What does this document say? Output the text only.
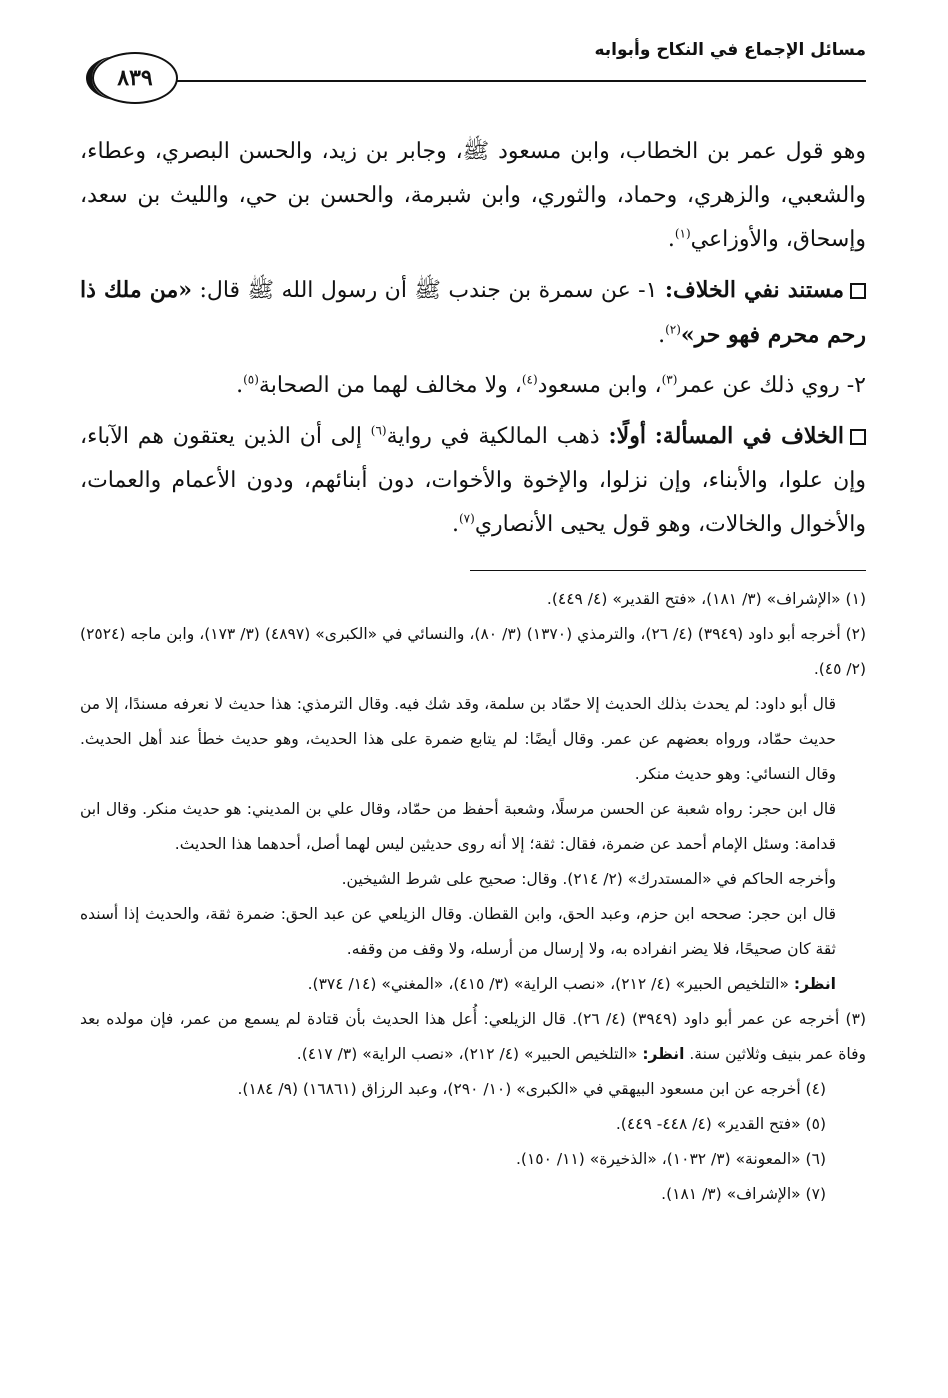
مسائل الإجماع في النكاح وأبوابه
٨٣٩

وهو قول عمر بن الخطاب، وابن مسعود ﷺ، وجابر بن زيد، والحسن البصري، وعطاء، والشعبي، والزهري، وحماد، والثوري، وابن شبرمة، والحسن بن حي، والليث بن سعد، وإسحاق، والأوزاعي$^{(١)}$.

مستند نفي الخلاف: ١- عن سمرة بن جندب ﷺ أن رسول الله ﷺ قال: «من ملك ذا رحم محرم فهو حر»$^{(٢)}$.

٢- روي ذلك عن عمر$^{(٣)}$، وابن مسعود$^{(٤)}$، ولا مخالف لهما من الصحابة$^{(٥)}$.

الخلاف في المسألة: أولًا: ذهب المالكية في رواية$^{(٦)}$ إلى أن الذين يعتقون هم الآباء، وإن علوا، والأبناء، وإن نزلوا، والإخوة والأخوات، دون أبنائهم، ودون الأعمام والعمات، والأخوال والخالات، وهو قول يحيى الأنصاري$^{(٧)}$.

(١) «الإشراف» (٣/ ١٨١)، «فتح القدير» (٤/ ٤٤٩).

(٢) أخرجه أبو داود (٣٩٤٩) (٤/ ٢٦)، والترمذي (١٣٧٠) (٣/ ٨٠)، والنسائي في «الكبرى» (٤٨٩٧) (٣/ ١٧٣)، وابن ماجه (٢٥٢٤) (٢/ ٤٥).

قال أبو داود: لم يحدث بذلك الحديث إلا حمّاد بن سلمة، وقد شك فيه. وقال الترمذي: هذا حديث لا نعرفه مسندًا، إلا من حديث حمّاد، ورواه بعضهم عن عمر. وقال أيضًا: لم يتابع ضمرة على هذا الحديث، وهو حديث خطأ عند أهل الحديث. وقال النسائي: وهو حديث منكر.

قال ابن حجر: رواه شعبة عن الحسن مرسلًا، وشعبة أحفظ من حمّاد، وقال علي بن المديني: هو حديث منكر. وقال ابن قدامة: وسئل الإمام أحمد عن ضمرة، فقال: ثقة؛ إلا أنه روى حديثين ليس لهما أصل، أحدهما هذا الحديث.

وأخرجه الحاكم في «المستدرك» (٢/ ٢١٤). وقال: صحيح على شرط الشيخين.

قال ابن حجر: صححه ابن حزم، وعبد الحق، وابن القطان. وقال الزيلعي عن عبد الحق: ضمرة ثقة، والحديث إذا أسنده ثقة كان صحيحًا، فلا يضر انفراده به، ولا إرسال من أرسله، ولا وقف من وقفه.

انظر: «التلخيص الحبير» (٤/ ٢١٢)، «نصب الراية» (٣/ ٤١٥)، «المغني» (١٤/ ٣٧٤).

(٣) أخرجه عن عمر أبو داود (٣٩٤٩) (٤/ ٢٦). قال الزيلعي: أُعل هذا الحديث بأن قتادة لم يسمع من عمر، فإن مولده بعد وفاة عمر بنيف وثلاثين سنة. انظر: «التلخيص الحبير» (٤/ ٢١٢)، «نصب الراية» (٣/ ٤١٧).

(٤) أخرجه عن ابن مسعود البيهقي في «الكبرى» (١٠/ ٢٩٠)، وعبد الرزاق (١٦٨٦١) (٩/ ١٨٤).

(٥) «فتح القدير» (٤/ ٤٤٨- ٤٤٩).

(٦) «المعونة» (٣/ ١٠٣٢)، «الذخيرة» (١١/ ١٥٠).

(٧) «الإشراف» (٣/ ١٨١).
